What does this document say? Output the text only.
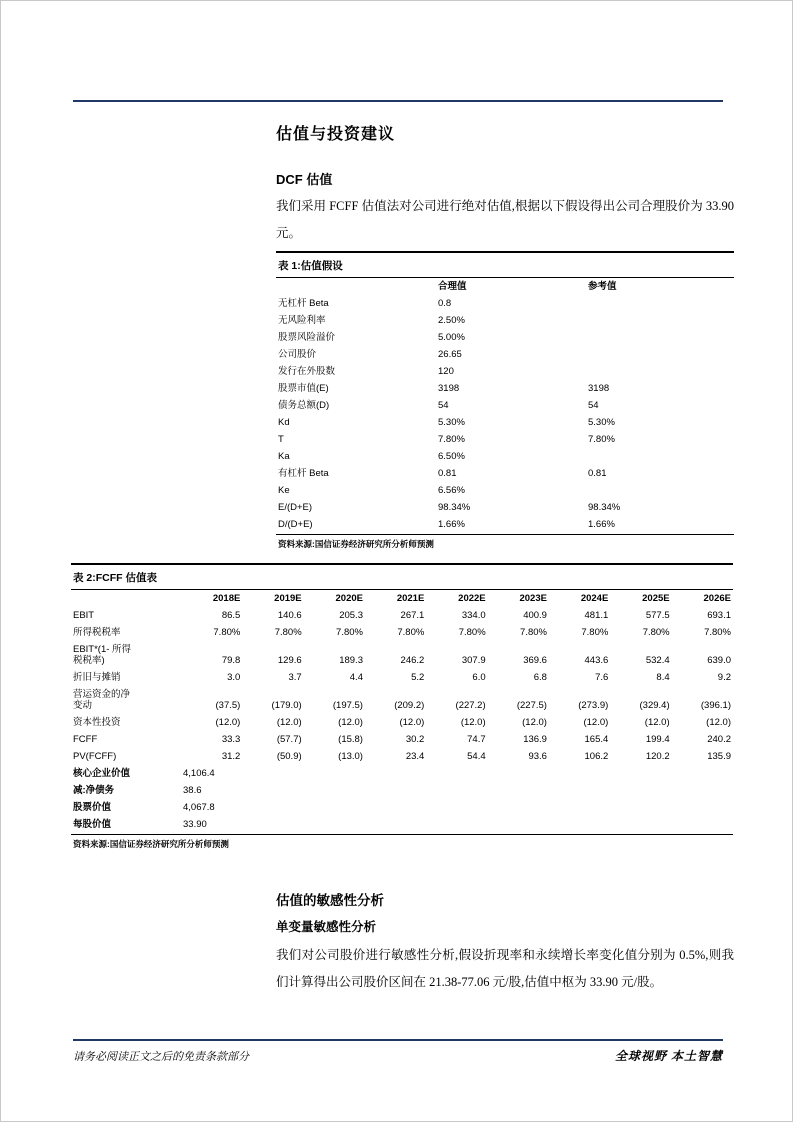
估值与投资建议
DCF 估值
我们采用 FCFF 估值法对公司进行绝对估值,根据以下假设得出公司合理股价为 33.90 元。
表 1:估值假设
	合理值	参考值
无杠杆 Beta	0.8	
无风险利率	2.50%	
股票风险溢价	5.00%	
公司股价	26.65	
发行在外股数	120	
股票市值(E)	3198	3198
债务总额(D)	54	54
Kd	5.30%	5.30%
T	7.80%	7.80%
Ka	6.50%	
有杠杆 Beta	0.81	0.81
Ke	6.56%	
E/(D+E)	98.34%	98.34%
D/(D+E)	1.66%	1.66%
资料来源:国信证券经济研究所分析师预测
表 2:FCFF 估值表
	2018E	2019E	2020E	2021E	2022E	2023E	2024E	2025E	2026E
EBIT	86.5	140.6	205.3	267.1	334.0	400.9	481.1	577.5	693.1
所得税税率	7.80%	7.80%	7.80%	7.80%	7.80%	7.80%	7.80%	7.80%	7.80%
EBIT*(1- 所得税税率)	79.8	129.6	189.3	246.2	307.9	369.6	443.6	532.4	639.0
折旧与摊销	3.0	3.7	4.4	5.2	6.0	6.8	7.6	8.4	9.2
营运资金的净变动	(37.5)	(179.0)	(197.5)	(209.2)	(227.2)	(227.5)	(273.9)	(329.4)	(396.1)
资本性投资	(12.0)	(12.0)	(12.0)	(12.0)	(12.0)	(12.0)	(12.0)	(12.0)	(12.0)
FCFF	33.3	(57.7)	(15.8)	30.2	74.7	136.9	165.4	199.4	240.2
PV(FCFF)	31.2	(50.9)	(13.0)	23.4	54.4	93.6	106.2	120.2	135.9
核心企业价值	4,106.4
减:净债务	38.6
股票价值	4,067.8
每股价值	33.90
资料来源:国信证券经济研究所分析师预测
估值的敏感性分析
单变量敏感性分析
我们对公司股价进行敏感性分析,假设折现率和永续增长率变化值分别为 0.5%,则我们计算得出公司股价区间在 21.38-77.06 元/股,估值中枢为 33.90 元/股。
请务必阅读正文之后的免责条款部分	全球视野 本土智慧
